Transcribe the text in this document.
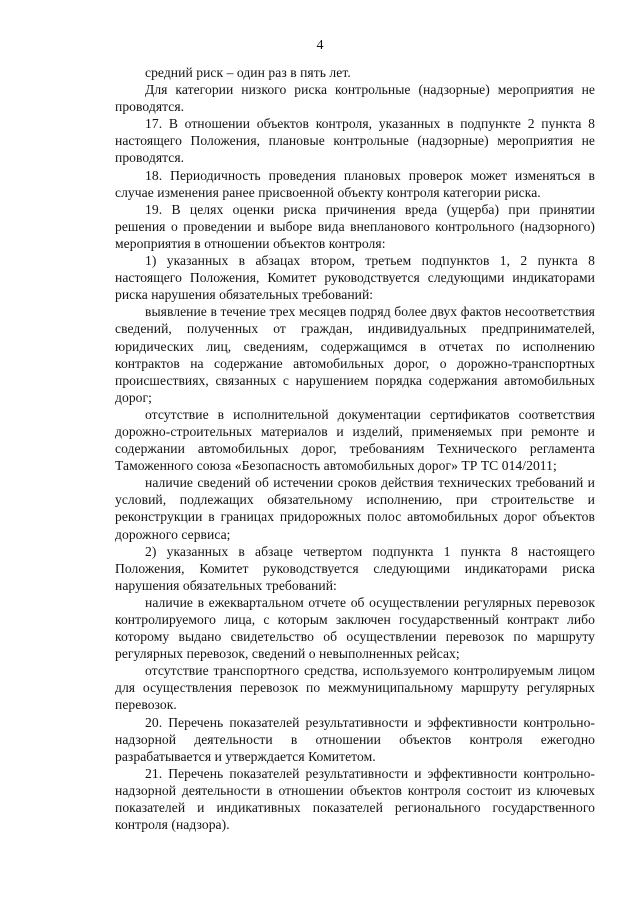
4

средний риск – один раз в пять лет.

Для категории низкого риска контрольные (надзорные) мероприятия не проводятся.

17. В отношении объектов контроля, указанных в подпункте 2 пункта 8 настоящего Положения, плановые контрольные (надзорные) мероприятия не проводятся.

18. Периодичность проведения плановых проверок может изменяться в случае изменения ранее присвоенной объекту контроля категории риска.

19. В целях оценки риска причинения вреда (ущерба) при принятии решения о проведении и выборе вида внепланового контрольного (надзорного) мероприятия в отношении объектов контроля:

1) указанных в абзацах втором, третьем подпунктов 1, 2 пункта 8 настоящего Положения, Комитет руководствуется следующими индикаторами риска нарушения обязательных требований:

выявление в течение трех месяцев подряд более двух фактов несоответствия сведений, полученных от граждан, индивидуальных предпринимателей, юридических лиц, сведениям, содержащимся в отчетах по исполнению контрактов на содержание автомобильных дорог, о дорожно-транспортных происшествиях, связанных с нарушением порядка содержания автомобильных дорог;

отсутствие в исполнительной документации сертификатов соответствия дорожно-строительных материалов и изделий, применяемых при ремонте и содержании автомобильных дорог, требованиям Технического регламента Таможенного союза «Безопасность автомобильных дорог» ТР ТС 014/2011;

наличие сведений об истечении сроков действия технических требований и условий, подлежащих обязательному исполнению, при строительстве и реконструкции в границах придорожных полос автомобильных дорог объектов дорожного сервиса;

2) указанных в абзаце четвертом подпункта 1 пункта 8 настоящего Положения, Комитет руководствуется следующими индикаторами риска нарушения обязательных требований:

наличие в ежеквартальном отчете об осуществлении регулярных перевозок контролируемого лица, с которым заключен государственный контракт либо которому выдано свидетельство об осуществлении перевозок по маршруту регулярных перевозок, сведений о невыполненных рейсах;

отсутствие транспортного средства, используемого контролируемым лицом для осуществления перевозок по межмуниципальному маршруту регулярных перевозок.

20. Перечень показателей результативности и эффективности контрольно-надзорной деятельности в отношении объектов контроля ежегодно разрабатывается и утверждается Комитетом.

21. Перечень показателей результативности и эффективности контрольно-надзорной деятельности в отношении объектов контроля состоит из ключевых показателей и индикативных показателей регионального государственного контроля (надзора).
